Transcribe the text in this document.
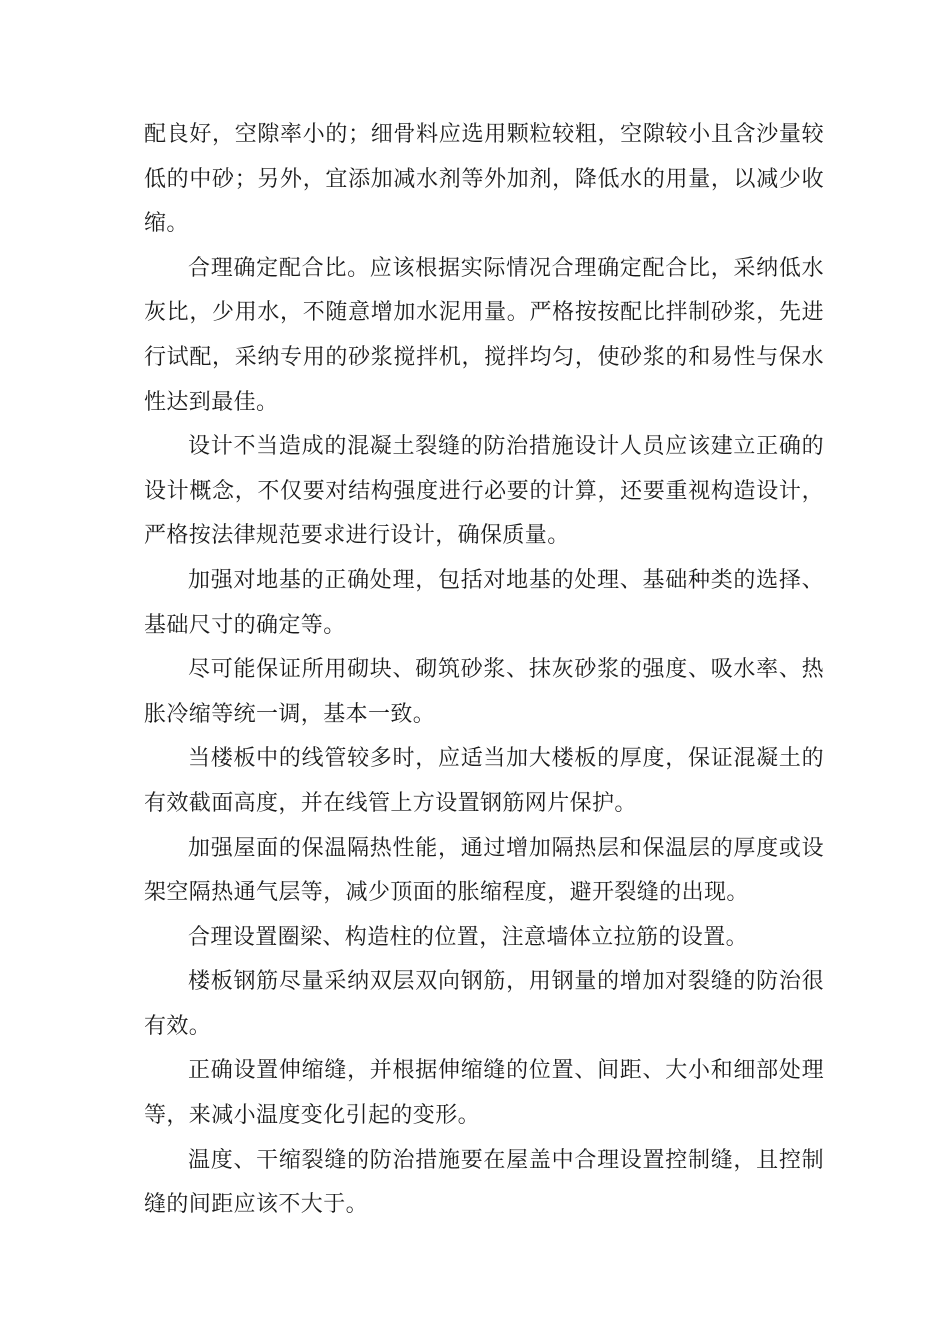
配良好，空隙率小的；细骨料应选用颗粒较粗，空隙较小且含沙量较低的中砂；另外，宜添加减水剂等外加剂，降低水的用量，以减少收缩。

合理确定配合比。应该根据实际情况合理确定配合比，采纳低水灰比，少用水，不随意增加水泥用量。严格按按配比拌制砂浆，先进行试配，采纳专用的砂浆搅拌机，搅拌均匀，使砂浆的和易性与保水性达到最佳。

设计不当造成的混凝土裂缝的防治措施设计人员应该建立正确的设计概念，不仅要对结构强度进行必要的计算，还要重视构造设计，严格按法律规范要求进行设计，确保质量。

加强对地基的正确处理，包括对地基的处理、基础种类的选择、基础尺寸的确定等。

尽可能保证所用砌块、砌筑砂浆、抹灰砂浆的强度、吸水率、热胀冷缩等统一调，基本一致。

当楼板中的线管较多时，应适当加大楼板的厚度，保证混凝土的有效截面高度，并在线管上方设置钢筋网片保护。

加强屋面的保温隔热性能，通过增加隔热层和保温层的厚度或设架空隔热通气层等，减少顶面的胀缩程度，避开裂缝的出现。

合理设置圈梁、构造柱的位置，注意墙体立拉筋的设置。

楼板钢筋尽量采纳双层双向钢筋，用钢量的增加对裂缝的防治很有效。

正确设置伸缩缝，并根据伸缩缝的位置、间距、大小和细部处理等，来减小温度变化引起的变形。

温度、干缩裂缝的防治措施要在屋盖中合理设置控制缝，且控制缝的间距应该不大于。
